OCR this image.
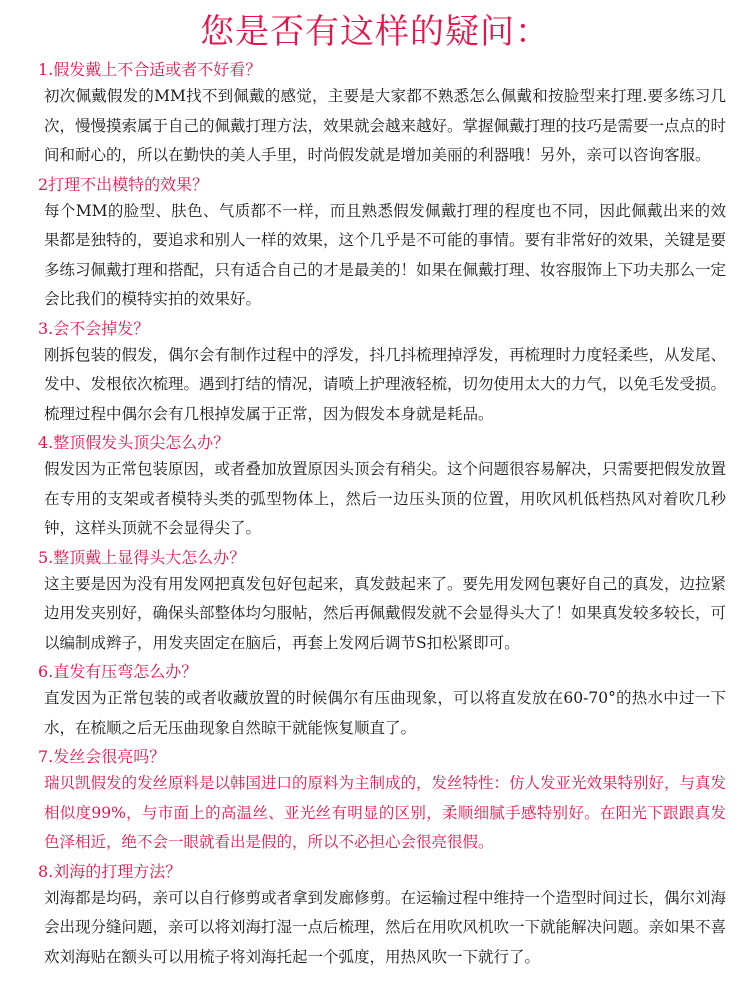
您是否有这样的疑问：
1.假发戴上不合适或者不好看？

初次佩戴假发的MM找不到佩戴的感觉，主要是大家都不熟悉怎么佩戴和按脸型来打理.要多练习几次，慢慢摸索属于自己的佩戴打理方法，效果就会越来越好。掌握佩戴打理的技巧是需要一点点的时间和耐心的，所以在勤快的美人手里，时尚假发就是增加美丽的利器哦！另外，亲可以咨询客服。

2打理不出模特的效果？

每个MM的脸型、肤色、气质都不一样，而且熟悉假发佩戴打理的程度也不同，因此佩戴出来的效果都是独特的，要追求和别人一样的效果，这个几乎是不可能的事情。要有非常好的效果，关键是要多练习佩戴打理和搭配，只有适合自己的才是最美的！如果在佩戴打理、妆容服饰上下功夫那么一定会比我们的模特实拍的效果好。

3.会不会掉发？

刚拆包装的假发，偶尔会有制作过程中的浮发，抖几抖梳理掉浮发，再梳理时力度轻柔些，从发尾、发中、发根依次梳理。遇到打结的情况，请喷上护理液轻梳，切勿使用太大的力气，以免毛发受损。梳理过程中偶尔会有几根掉发属于正常，因为假发本身就是耗品。

4.整顶假发头顶尖怎么办？

假发因为正常包装原因，或者叠加放置原因头顶会有稍尖。这个问题很容易解决，只需要把假发放置在专用的支架或者模特头类的弧型物体上，然后一边压头顶的位置，用吹风机低档热风对着吹几秒钟，这样头顶就不会显得尖了。

5.整顶戴上显得头大怎么办？

这主要是因为没有用发网把真发包好包起来，真发鼓起来了。要先用发网包裹好自己的真发，边拉紧边用发夹别好，确保头部整体均匀服帖，然后再佩戴假发就不会显得头大了！如果真发较多较长，可以编制成辫子，用发夹固定在脑后，再套上发网后调节S扣松紧即可。

6.直发有压弯怎么办？

直发因为正常包装的或者收藏放置的时候偶尔有压曲现象，可以将直发放在60-70°的热水中过一下水，在梳顺之后无压曲现象自然晾干就能恢复顺直了。

7.发丝会很亮吗？

瑞贝凯假发的发丝原料是以韩国进口的原料为主制成的，发丝特性：仿人发亚光效果特别好，与真发相似度99%，与市面上的高温丝、亚光丝有明显的区别，柔顺细腻手感特别好。在阳光下跟跟真发色泽相近，绝不会一眼就看出是假的，所以不必担心会很亮很假。

8.刘海的打理方法？

刘海都是均码，亲可以自行修剪或者拿到发廊修剪。在运输过程中维持一个造型时间过长，偶尔刘海会出现分缝问题，亲可以将刘海打湿一点后梳理，然后在用吹风机吹一下就能解决问题。亲如果不喜欢刘海贴在额头可以用梳子将刘海托起一个弧度，用热风吹一下就行了。
